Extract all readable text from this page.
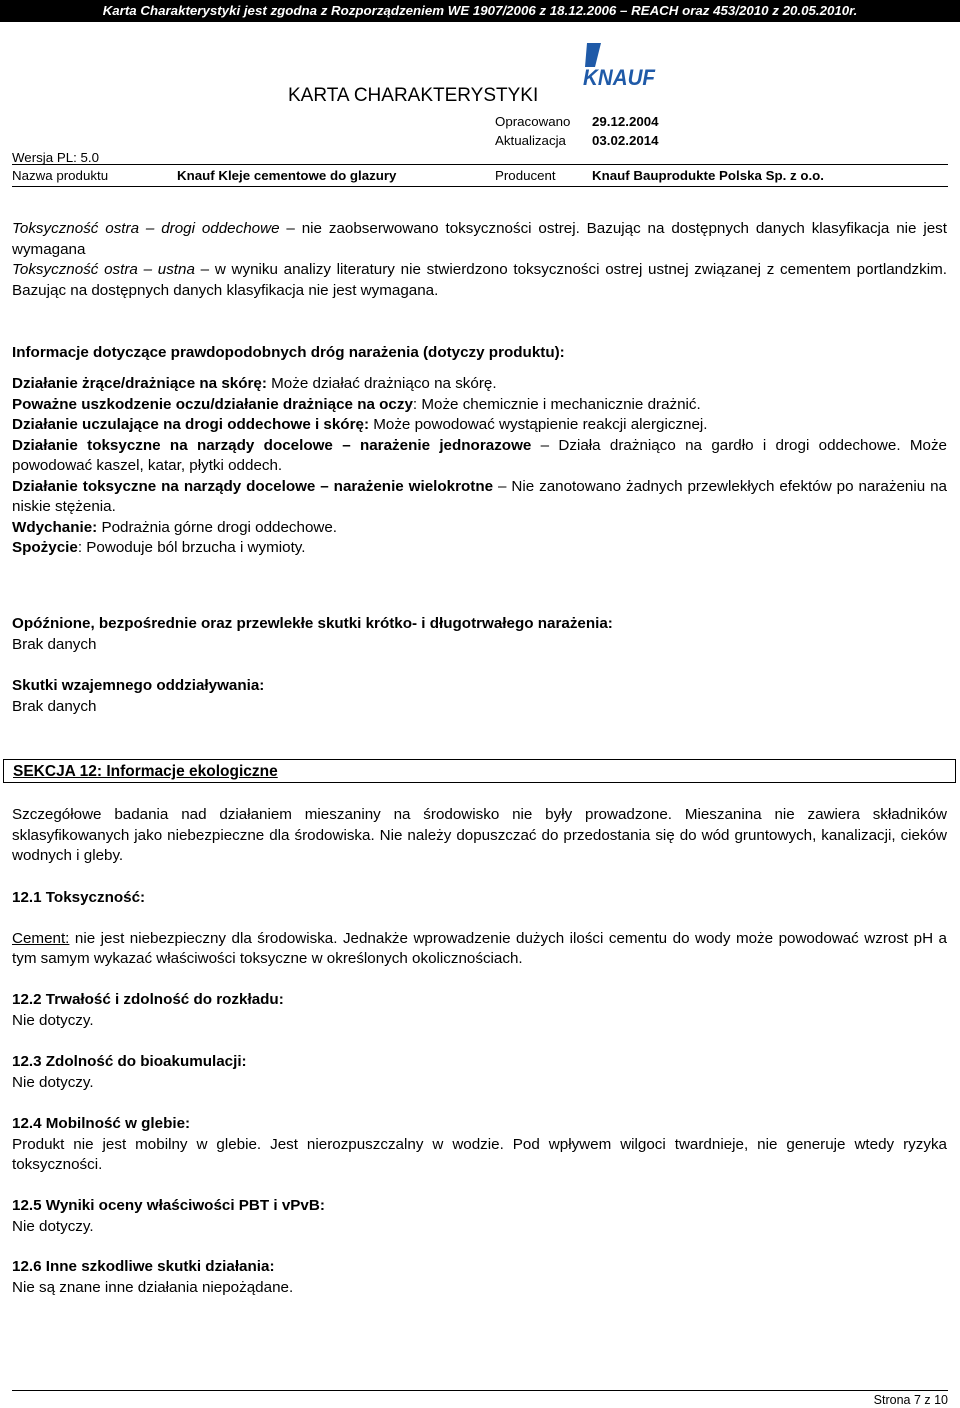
Karta Charakterystyki jest zgodna z Rozporządzeniem WE 1907/2006 z 18.12.2006 – REACH oraz 453/2010 z 20.05.2010r.
KARTA CHARAKTERYSTYKI
KNAUF
Opracowano 29.12.2004
Aktualizacja 03.02.2014
Wersja PL: 5.0
Nazwa produktu	Knauf Kleje cementowe do glazury	Producent	Knauf Bauprodukte Polska Sp. z o.o.

Toksyczność ostra – drogi oddechowe – nie zaobserwowano toksyczności ostrej. Bazując na dostępnych danych klasyfikacja nie jest wymagana

Toksyczność ostra – ustna – w wyniku analizy literatury nie stwierdzono toksyczności ostrej ustnej związanej z cementem portlandzkim. Bazując na dostępnych danych klasyfikacja nie jest wymagana.

Informacje dotyczące prawdopodobnych dróg narażenia (dotyczy produktu):

Działanie żrące/drażniące na skórę: Może działać drażniąco na skórę.

Poważne uszkodzenie oczu/działanie drażniące na oczy: Może chemicznie i mechanicznie drażnić.

Działanie uczulające na drogi oddechowe i skórę: Może powodować wystąpienie reakcji alergicznej.

Działanie toksyczne na narządy docelowe – narażenie jednorazowe – Działa drażniąco na gardło i drogi oddechowe. Może powodować kaszel, katar, płytki oddech.

Działanie toksyczne na narządy docelowe – narażenie wielokrotne – Nie zanotowano żadnych przewlekłych efektów po narażeniu na niskie stężenia.

Wdychanie: Podrażnia górne drogi oddechowe.

Spożycie: Powoduje ból brzucha i wymioty.

Opóźnione, bezpośrednie oraz przewlekłe skutki krótko- i długotrwałego narażenia:

Brak danych

Skutki wzajemnego oddziaływania:

Brak danych

SEKCJA 12: Informacje ekologiczne

Szczegółowe badania nad działaniem mieszaniny na środowisko nie były prowadzone. Mieszanina nie zawiera składników sklasyfikowanych jako niebezpieczne dla środowiska. Nie należy dopuszczać do przedostania się do wód gruntowych, kanalizacji, cieków wodnych i gleby.

12.1 Toksyczność:

Cement: nie jest niebezpieczny dla środowiska. Jednakże wprowadzenie dużych ilości cementu do wody może powodować wzrost pH a tym samym wykazać właściwości toksyczne w określonych okolicznościach.

12.2 Trwałość i zdolność do rozkładu:

Nie dotyczy.

12.3 Zdolność do bioakumulacji:

Nie dotyczy.

12.4 Mobilność w glebie:

Produkt nie jest mobilny w glebie. Jest nierozpuszczalny w wodzie. Pod wpływem wilgoci twardnieje, nie generuje wtedy ryzyka toksyczności.

12.5 Wyniki oceny właściwości PBT i vPvB:

Nie dotyczy.

12.6 Inne szkodliwe skutki działania:

Nie są znane inne działania niepożądane.

Strona 7 z 10
